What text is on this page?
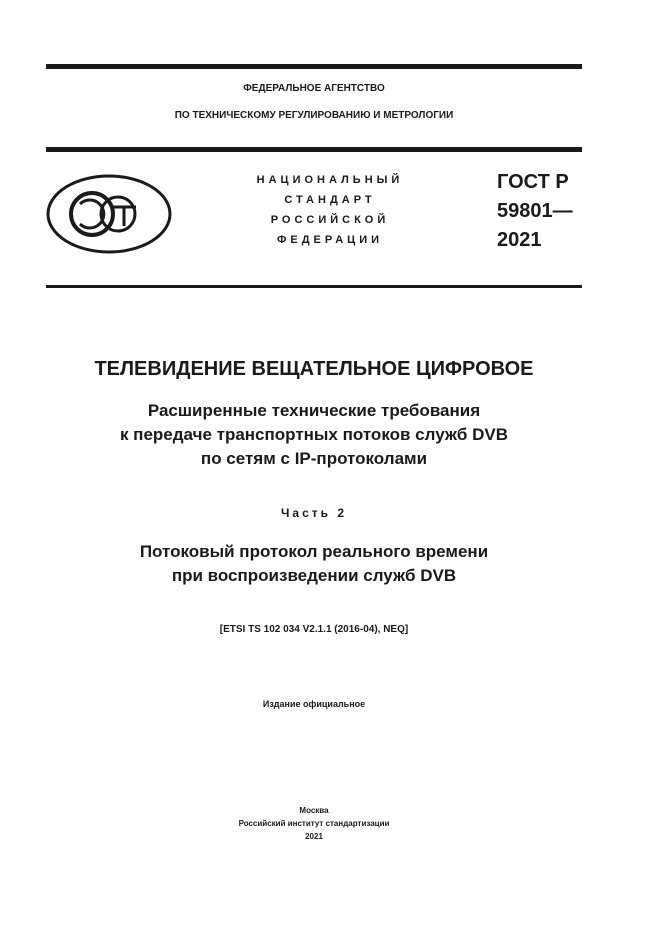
ФЕДЕРАЛЬНОЕ АГЕНТСТВО
ПО ТЕХНИЧЕСКОМУ РЕГУЛИРОВАНИЮ И МЕТРОЛОГИИ
НАЦИОНАЛЬНЫЙ
СТАНДАРТ
РОССИЙСКОЙ
ФЕДЕРАЦИИ
ГОСТ Р
59801—
2021
ТЕЛЕВИДЕНИЕ ВЕЩАТЕЛЬНОЕ ЦИФРОВОЕ
Расширенные технические требования
к передаче транспортных потоков служб DVB
по сетям с IP-протоколами
Часть 2
Потоковый протокол реального времени
при воспроизведении служб DVB
[ETSI TS 102 034 V2.1.1 (2016-04), NEQ]
Издание официальное
Москва
Российский институт стандартизации
2021
